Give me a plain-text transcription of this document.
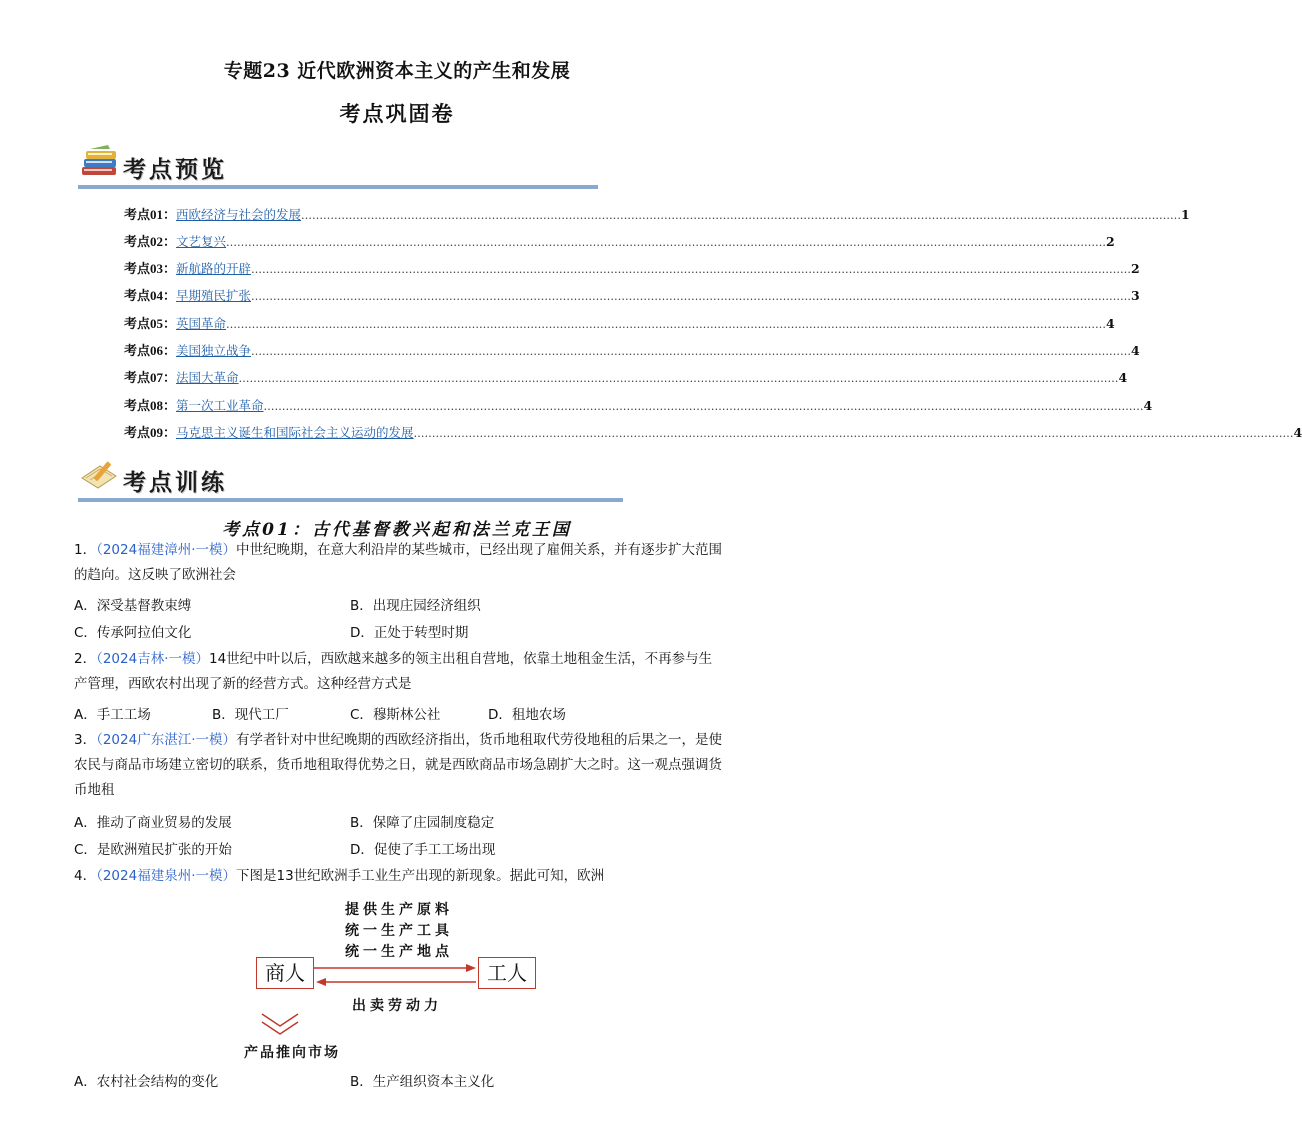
专题23 近代欧洲资本主义的产生和发展
考点巩固卷
考点预览
考点01： 西欧经济与社会的发展 …………………………………………………………………………………………………………………………………………………………………………………………………………………… 1
考点02： 文艺复兴 …………………………………………………………………………………………………………………………………………………………………………………………………………………… 2
考点03： 新航路的开辟 …………………………………………………………………………………………………………………………………………………………………………………………………………………… 2
考点04： 早期殖民扩张 …………………………………………………………………………………………………………………………………………………………………………………………………………………… 3
考点05： 英国革命 …………………………………………………………………………………………………………………………………………………………………………………………………………………… 4
考点06： 美国独立战争 …………………………………………………………………………………………………………………………………………………………………………………………………………………… 4
考点07： 法国大革命 …………………………………………………………………………………………………………………………………………………………………………………………………………………… 4
考点08： 第一次工业革命 …………………………………………………………………………………………………………………………………………………………………………………………………………………… 4
考点09： 马克思主义诞生和国际社会主义运动的发展 …………………………………………………………………………………………………………………………………………………………………………………………………………………… 4
考点训练
考点01：古代基督教兴起和法兰克王国
1．（2024福建漳州·一模）中世纪晚期，在意大利沿岸的某些城市，已经出现了雇佣关系，并有逐步扩大范围的趋向。这反映了欧洲社会
A．深受基督教束缚	B．出现庄园经济组织
C．传承阿拉伯文化	D．正处于转型时期
2．（2024吉林·一模）14世纪中叶以后，西欧越来越多的领主出租自营地，依靠土地租金生活，不再参与生产管理，西欧农村出现了新的经营方式。这种经营方式是
A．手工工场	B．现代工厂	C．穆斯林公社	D．租地农场
3．（2024广东湛江·一模）有学者针对中世纪晚期的西欧经济指出，货币地租取代劳役地租的后果之一，是使农民与商品市场建立密切的联系，货币地租取得优势之日，就是西欧商品市场急剧扩大之时。这一观点强调货币地租
A．推动了商业贸易的发展	B．保障了庄园制度稳定
C．是欧洲殖民扩张的开始	D．促使了手工工场出现
4．（2024福建泉州·一模）下图是13世纪欧洲手工业生产出现的新现象。据此可知，欧洲
提供生产原料
统一生产工具
统一生产地点
商人	工人
出卖劳动力
产品推向市场
A．农村社会结构的变化	B．生产组织资本主义化
